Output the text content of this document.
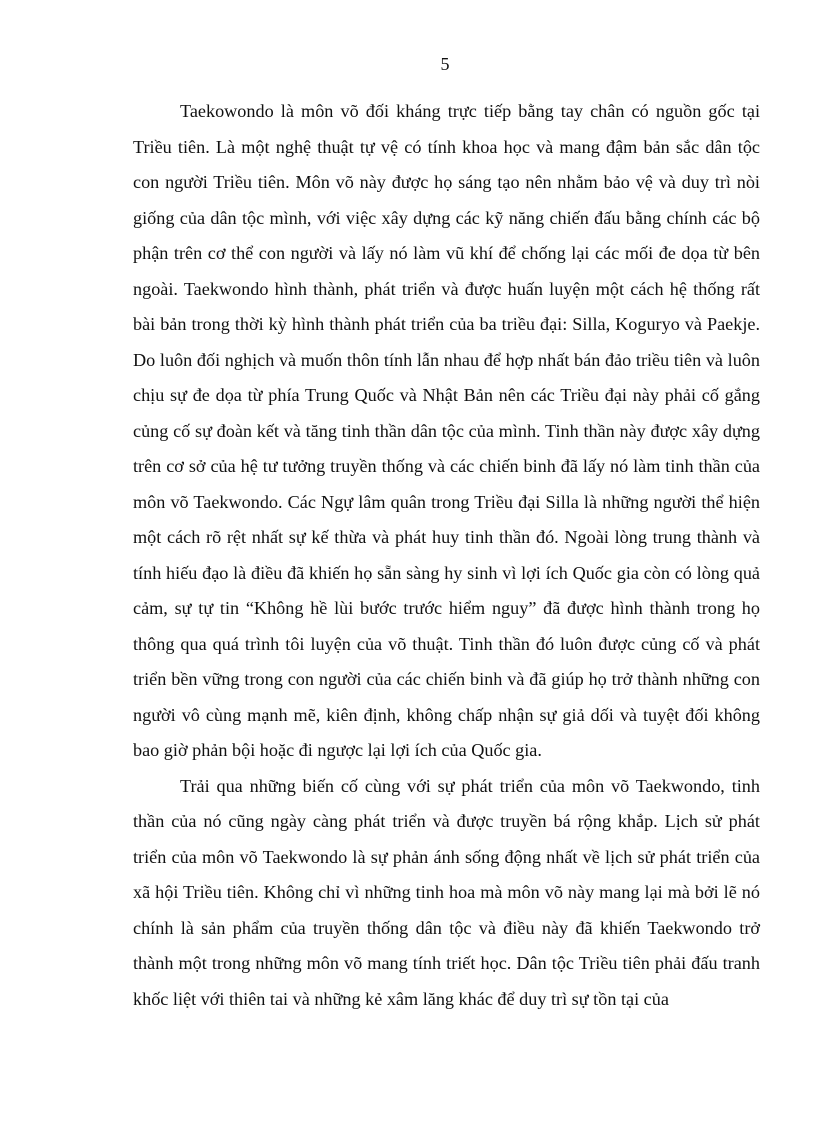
5

Taekowondo là môn võ đối kháng trực tiếp bằng tay chân có nguồn gốc tại Triều tiên. Là một nghệ thuật tự vệ có tính khoa học và mang đậm bản sắc dân tộc con người Triều tiên. Môn võ này được họ sáng tạo nên nhằm bảo vệ và duy trì nòi giống của dân tộc mình, với việc xây dựng các kỹ năng chiến đấu bằng chính các bộ phận trên cơ thể con người và lấy nó làm vũ khí để chống lại các mối đe dọa từ bên ngoài. Taekwondo hình thành, phát triển và được huấn luyện một cách hệ thống rất bài bản trong thời kỳ hình thành phát triển của ba triều đại: Silla, Koguryo và Paekje. Do luôn đối nghịch và muốn thôn tính lẫn nhau để hợp nhất bán đảo triều tiên và luôn chịu sự đe dọa từ phía Trung Quốc và Nhật Bản nên các Triều đại này phải cố gắng củng cố sự đoàn kết và tăng tinh thần dân tộc của mình. Tinh thần này được xây dựng trên cơ sở của hệ tư tưởng truyền thống và các chiến binh đã lấy nó làm tinh thần của môn võ Taekwondo. Các Ngự lâm quân trong Triều đại Silla là những người thể hiện một cách rõ rệt nhất sự kế thừa và phát huy tinh thần đó. Ngoài lòng trung thành và tính hiếu đạo là điều đã khiến họ sẵn sàng hy sinh vì lợi ích Quốc gia còn có lòng quả cảm, sự tự tin “Không hề lùi bước trước hiểm nguy” đã được hình thành trong họ thông qua quá trình tôi luyện của võ thuật. Tinh thần đó luôn được củng cố và phát triển bền vững trong con người của các chiến binh và đã giúp họ trở thành những con người vô cùng mạnh mẽ, kiên định, không chấp nhận sự giả dối và tuyệt đối không bao giờ phản bội hoặc đi ngược lại lợi ích của Quốc gia.

Trải qua những biến cố cùng với sự phát triển của môn võ Taekwondo, tinh thần của nó cũng ngày càng phát triển và được truyền bá rộng khắp. Lịch sử phát triển của môn võ Taekwondo là sự phản ánh sống động nhất về lịch sử phát triển của xã hội Triều tiên. Không chỉ vì những tinh hoa mà môn võ này mang lại mà bởi lẽ nó chính là sản phẩm của truyền thống dân tộc và điều này đã khiến Taekwondo trở thành một trong những môn võ mang tính triết học. Dân tộc Triều tiên phải đấu tranh khốc liệt với thiên tai và những kẻ xâm lăng khác để duy trì sự tồn tại của
